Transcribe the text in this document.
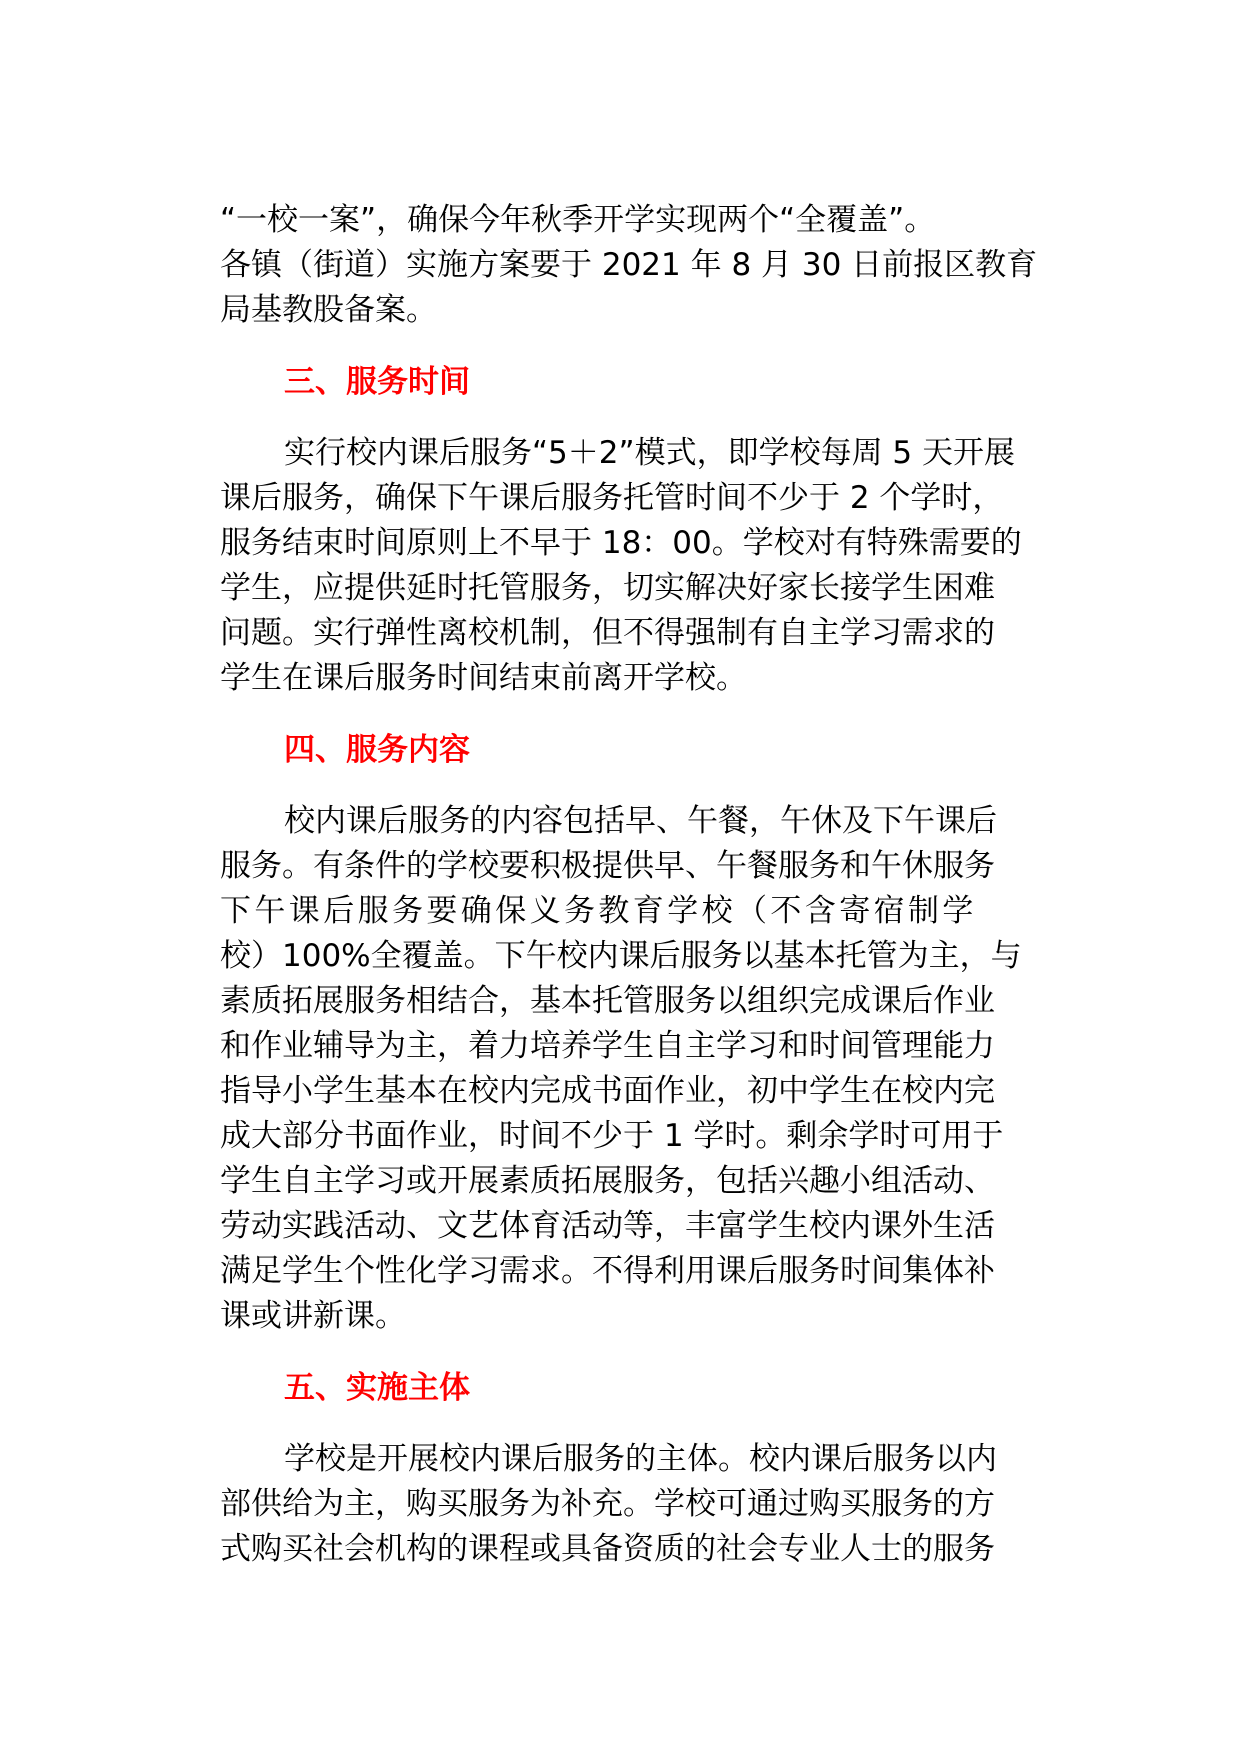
“一校一案”，确保今年秋季开学实现两个“全覆盖”。
各镇（街道）实施方案要于 2021 年 8 月 30 日前报区教育
局基教股备案。

三、服务时间

实行校内课后服务“5＋2”模式，即学校每周 5 天开展
课后服务，确保下午课后服务托管时间不少于 2 个学时，
服务结束时间原则上不早于 18：00。学校对有特殊需要的
学生，应提供延时托管服务，切实解决好家长接学生困难
问题。实行弹性离校机制，但不得强制有自主学习需求的
学生在课后服务时间结束前离开学校。

四、服务内容

校内课后服务的内容包括早、午餐，午休及下午课后
服务。有条件的学校要积极提供早、午餐服务和午休服务
下午课后服务要确保义务教育学校（不含寄宿制学
校）100%全覆盖。下午校内课后服务以基本托管为主，与
素质拓展服务相结合，基本托管服务以组织完成课后作业
和作业辅导为主，着力培养学生自主学习和时间管理能力
指导小学生基本在校内完成书面作业，初中学生在校内完
成大部分书面作业，时间不少于 1 学时。剩余学时可用于
学生自主学习或开展素质拓展服务，包括兴趣小组活动、
劳动实践活动、文艺体育活动等，丰富学生校内课外生活
满足学生个性化学习需求。不得利用课后服务时间集体补
课或讲新课。

五、实施主体

学校是开展校内课后服务的主体。校内课后服务以内
部供给为主，购买服务为补充。学校可通过购买服务的方
式购买社会机构的课程或具备资质的社会专业人士的服务
